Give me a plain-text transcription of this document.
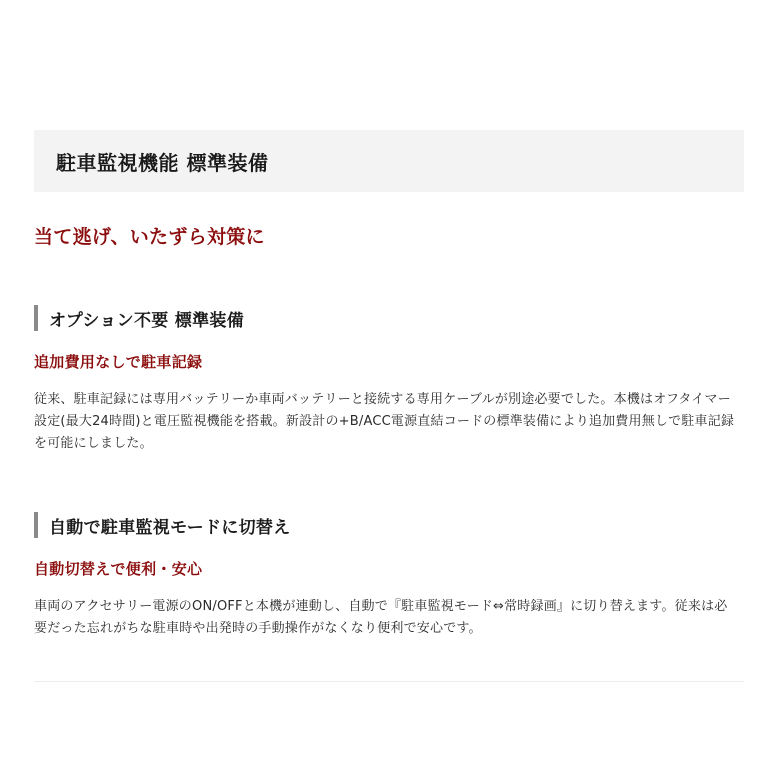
駐車監視機能 標準装備
当て逃げ、いたずら対策に
オプション不要 標準装備
追加費用なしで駐車記録

従来、駐車記録には専用バッテリーか車両バッテリーと接続する専用ケーブルが別途必要でした。本機はオフタイマー設定(最大24時間)と電圧監視機能を搭載。新設計の+B/ACC電源直結コードの標準装備により追加費用無しで駐車記録を可能にしました。

自動で駐車監視モードに切替え
自動切替えで便利・安心

車両のアクセサリー電源のON/OFFと本機が連動し、自動で『駐車監視モード⇔常時録画』に切り替えます。従来は必要だった忘れがちな駐車時や出発時の手動操作がなくなり便利で安心です。
